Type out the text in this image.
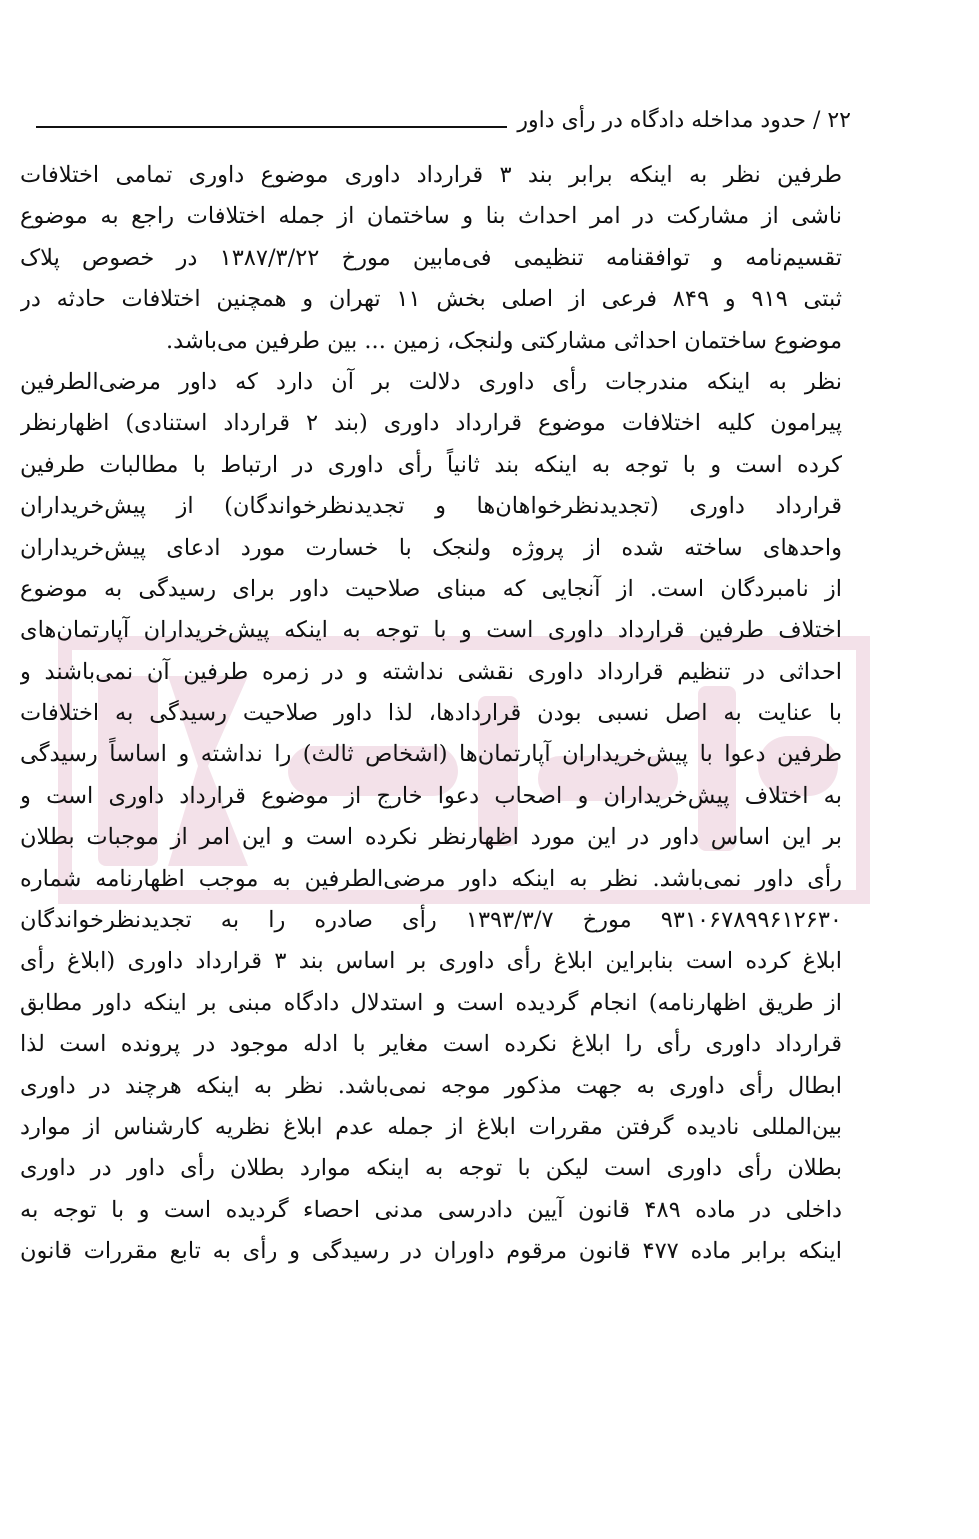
۲۲ / حدود مداخله دادگاه در رأی داور
طرفین نظر به اینکه برابر بند ۳ قرارداد داوری موضوع داوری تمامی اختلافات
ناشی از مشارکت در امر احداث بنا و ساختمان از جمله اختلافات راجع به موضوع
تقسیم‌نامه و توافقنامه تنظیمی فی‌مابین مورخ ۱۳۸۷/۳/۲۲ در خصوص پلاک
ثبتی ۹۱۹ و ۸۴۹ فرعی از اصلی بخش ۱۱ تهران و همچنین اختلافات حادثه در
موضوع ساختمان احداثی مشارکتی ولنجک، زمین ... بین طرفین می‌باشد.
نظر به اینکه مندرجات رأی داوری دلالت بر آن دارد که داور مرضی‌الطرفین
پیرامون کلیه اختلافات موضوع قرارداد داوری (بند ۲ قرارداد استنادی) اظهارنظر
کرده است و با توجه به اینکه بند ثانیاً رأی داوری در ارتباط با مطالبات طرفین
قرارداد داوری (تجدیدنظرخواهان‌ها و تجدیدنظرخواندگان) از پیش‌خریداران
واحدهای ساخته شده از پروژه ولنجک با خسارت مورد ادعای پیش‌خریداران
از نامبردگان است. از آنجایی که مبنای صلاحیت داور برای رسیدگی به موضوع
اختلاف طرفین قرارداد داوری است و با توجه به اینکه پیش‌خریداران آپارتمان‌های
احداثی در تنظیم قرارداد داوری نقشی نداشته و در زمره طرفین آن نمی‌باشند و
با عنایت به اصل نسبی بودن قراردادها، لذا داور صلاحیت رسیدگی به اختلافات
طرفین دعوا با پیش‌خریداران آپارتمان‌ها (اشخاص ثالث) را نداشته و اساساً رسیدگی
به اختلاف پیش‌خریداران و اصحاب دعوا خارج از موضوع قرارداد داوری است و
بر این اساس داور در این مورد اظهارنظر نکرده است و این امر از موجبات بطلان
رأی داور نمی‌باشد. نظر به اینکه داور مرضی‌الطرفین به موجب اظهارنامه شماره
۹۳۱۰۶۷۸۹۹۶۱۲۶۳۰ مورخ ۱۳۹۳/۳/۷ رأی صادره را به تجدیدنظرخواندگان
ابلاغ کرده است بنابراین ابلاغ رأی داوری بر اساس بند ۳ قرارداد داوری (ابلاغ رأی
از طریق اظهارنامه) انجام گردیده است و استدلال دادگاه مبنی بر اینکه داور مطابق
قرارداد داوری رأی را ابلاغ نکرده است مغایر با ادله موجود در پرونده است لذا
ابطال رأی داوری به جهت مذکور موجه نمی‌باشد. نظر به اینکه هرچند در داوری
بین‌المللی نادیده گرفتن مقررات ابلاغ از جمله عدم ابلاغ نظریه کارشناس از موارد
بطلان رأی داوری است لیکن با توجه به اینکه موارد بطلان رأی داور در داوری
داخلی در ماده ۴۸۹ قانون آیین دادرسی مدنی احصاء گردیده است و با توجه به
اینکه برابر ماده ۴۷۷ قانون مرقوم داوران در رسیدگی و رأی به تابع مقررات قانون
